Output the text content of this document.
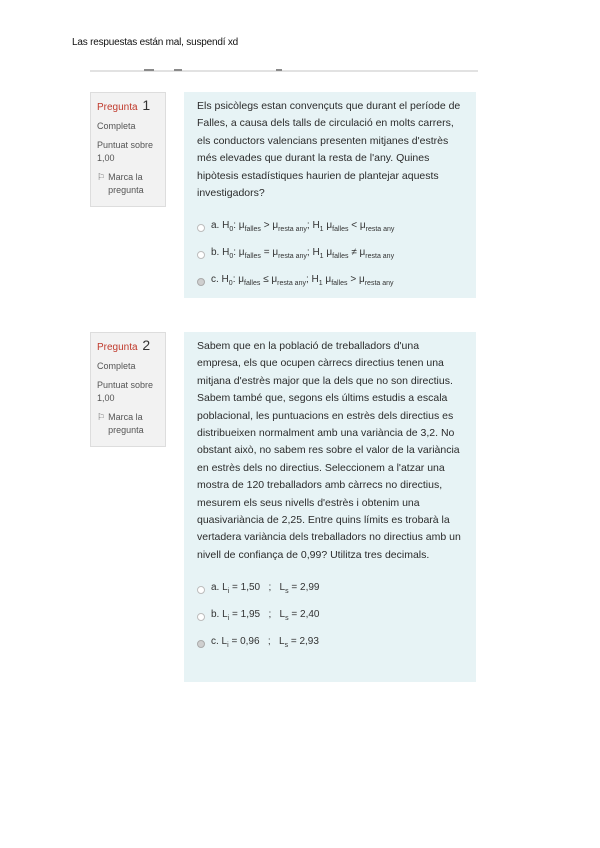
Las respuestas están mal, suspendí xd
Pregunta 1
Completa
Puntuat sobre 1,00
⚐ Marca la pregunta

Els psicòlegs estan convençuts que durant el període de Falles, a causa dels talls de circulació en molts carrers, els conductors valencians presenten mitjanes d'estrès més elevades que durant la resta de l'any. Quines hipòtesis estadístiques haurien de plantejar aquests investigadors?

a. $H_0$: $\mu_{falles} > \mu_{resta any}$; $H_1$ $\mu_{falles} < \mu_{resta any}$
b. $H_0$: $\mu_{falles} = \mu_{resta any}$; $H_1$ $\mu_{falles} \ne \mu_{resta any}$
c. $H_0$: $\mu_{falles} \le \mu_{resta any}$; $H_1$ $\mu_{falles} > \mu_{resta any}$
Pregunta 2
Completa
Puntuat sobre 1,00
⚐ Marca la pregunta

Sabem que en la població de treballadors d'una empresa, els que ocupen càrrecs directius tenen una mitjana d'estrès major que la dels que no son directius. Sabem també que, segons els últims estudis a escala poblacional, les puntuacions en estrès dels directius es distribueixen normalment amb una variància de 3,2. No obstant això, no sabem res sobre el valor de la variància en estrès dels no directius. Seleccionem a l'atzar una mostra de 120 treballadors amb càrrecs no directius, mesurem els seus nivells d'estrès i obtenim una quasivariància de 2,25. Entre quins límits es trobarà la vertadera variància dels treballadors no directius amb un nivell de confiança de 0,99? Utilitza tres decimals.

a. $L_i = 1,50$   ;   $L_s = 2,99$
b. $L_i = 1,95$   ;   $L_s = 2,40$
c. $L_i = 0,96$   ;   $L_s = 2,93$
